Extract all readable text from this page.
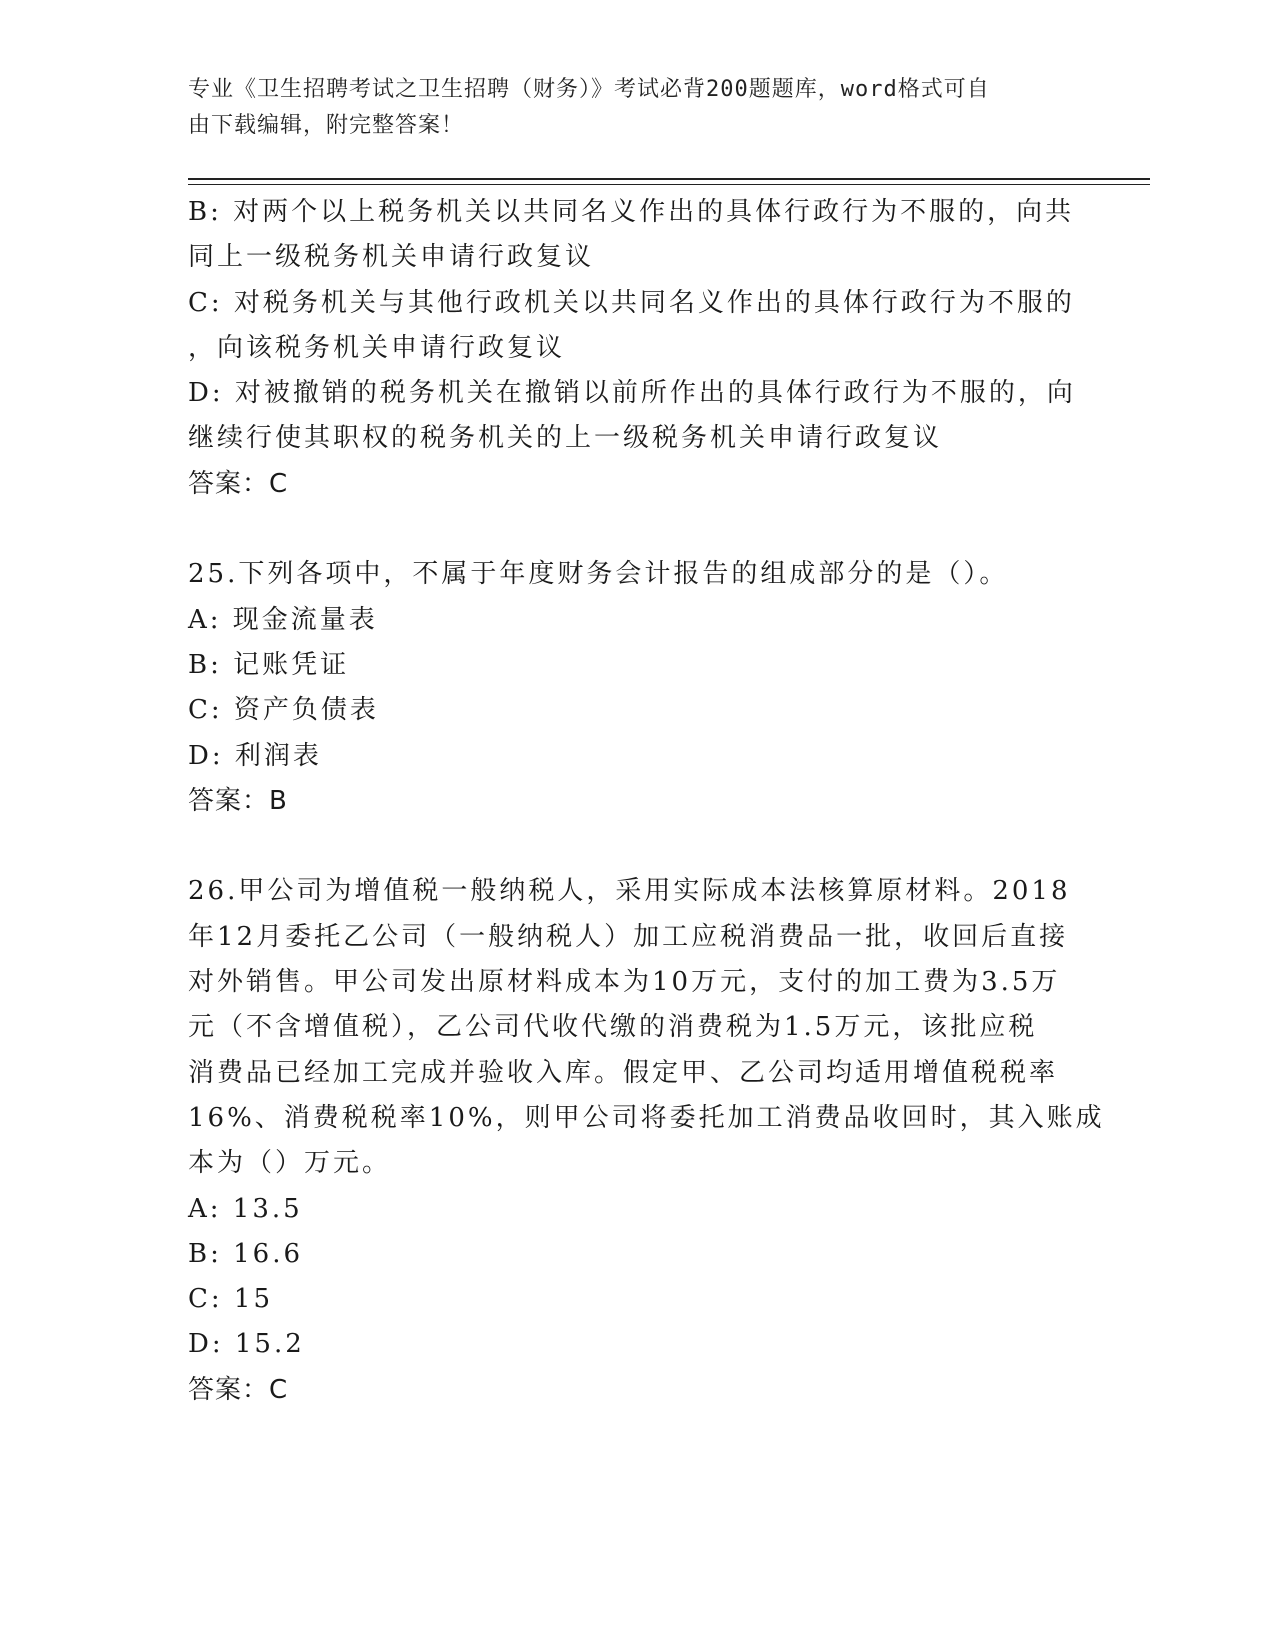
专业《卫生招聘考试之卫生招聘（财务）》考试必背200题题库，word格式可自
由下载编辑，附完整答案！
B: 对两个以上税务机关以共同名义作出的具体行政行为不服的，向共
同上一级税务机关申请行政复议
C: 对税务机关与其他行政机关以共同名义作出的具体行政行为不服的
，向该税务机关申请行政复议
D: 对被撤销的税务机关在撤销以前所作出的具体行政行为不服的，向
继续行使其职权的税务机关的上一级税务机关申请行政复议
答案：C
25.下列各项中，不属于年度财务会计报告的组成部分的是（）。
A: 现金流量表
B: 记账凭证
C: 资产负债表
D: 利润表
答案：B
26.甲公司为增值税一般纳税人，采用实际成本法核算原材料。2018
年12月委托乙公司（一般纳税人）加工应税消费品一批，收回后直接
对外销售。甲公司发出原材料成本为10万元，支付的加工费为3.5万
元（不含增值税），乙公司代收代缴的消费税为1.5万元，该批应税
消费品已经加工完成并验收入库。假定甲、乙公司均适用增值税税率
16%、消费税税率10%，则甲公司将委托加工消费品收回时，其入账成
本为（）万元。
A: 13.5
B: 16.6
C: 15
D: 15.2
答案：C
